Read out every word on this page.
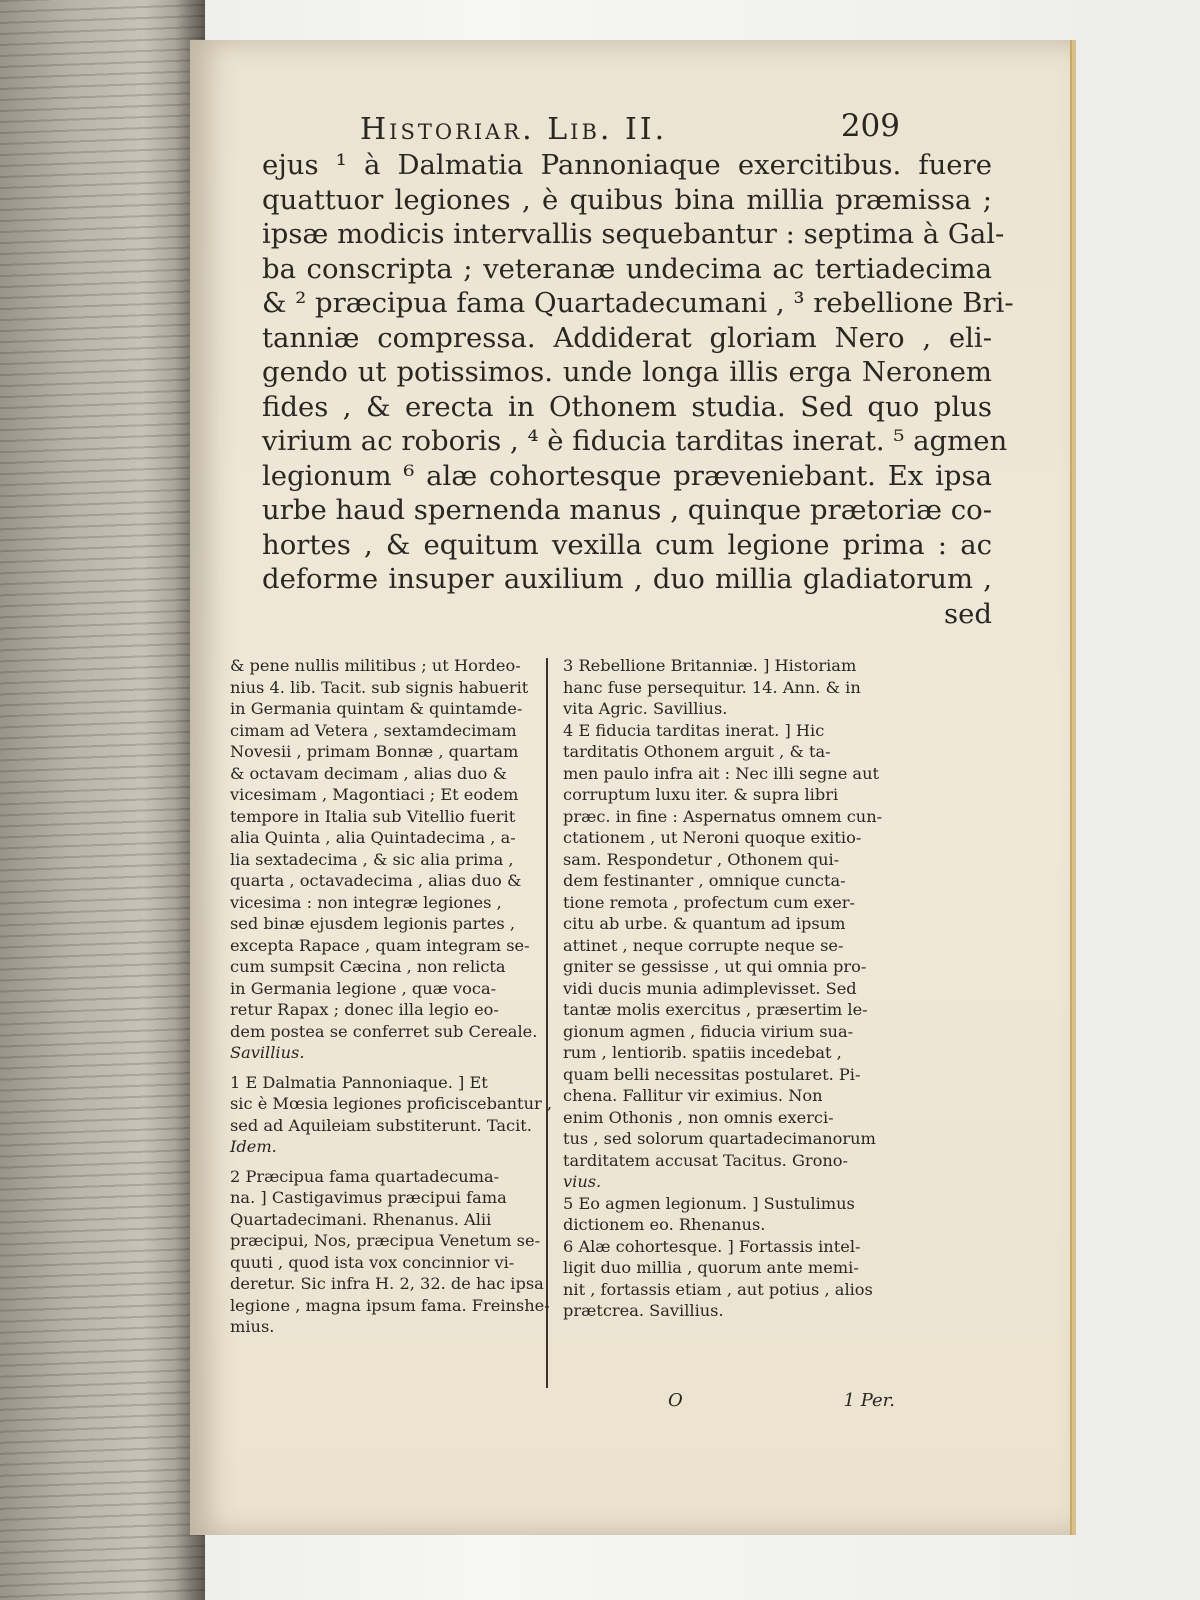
Historiar. Lib. II.	209
ejus ¹ à Dalmatia Pannoniaque exercitibus. fuere
quattuor legiones , è quibus bina millia præmissa ;
ipsæ modicis intervallis sequebantur : septima à Gal-
ba conscripta ; veteranæ undecima ac tertiadecima
& ² præcipua fama Quartadecumani , ³ rebellione Bri-
tanniæ compressa. Addiderat gloriam Nero , eli-
gendo ut potissimos. unde longa illis erga Neronem
fides , & erecta in Othonem studia. Sed quo plus
virium ac roboris , ⁴ è fiducia tarditas inerat. ⁵ agmen
legionum ⁶ alæ cohortesque præveniebant. Ex ipsa
urbe haud spernenda manus , quinque prætoriæ co-
hortes , & equitum vexilla cum legione prima : ac
deforme insuper auxilium , duo millia gladiatorum ,
sed
& pene nullis militibus ; ut Hordeo-
nius 4. lib. Tacit. sub signis habuerit
in Germania quintam & quintamde-
cimam ad Vetera , sextamdecimam
Novesii , primam Bonnæ , quartam
& octavam decimam , alias duo &
vicesimam , Magontiaci ; Et eodem
tempore in Italia sub Vitellio fuerit
alia Quinta , alia Quintadecima , a-
lia sextadecima , & sic alia prima ,
quarta , octavadecima , alias duo &
vicesima : non integræ legiones ,
sed binæ ejusdem legionis partes ,
excepta Rapace , quam integram se-
cum sumpsit Cæcina , non relicta
in Germania legione , quæ voca-
retur Rapax ; donec illa legio eo-
dem postea se conferret sub Cereale.
Savillius.
1 E Dalmatia Pannoniaque. ] Et
sic è Mœsia legiones proficiscebantur ,
sed ad Aquileiam substiterunt. Tacit.
Idem.
2 Præcipua fama quartadecuma-
na. ] Castigavimus præcipui fama
Quartadecimani. Rhenanus. Alii
præcipui, Nos, præcipua Venetum se-
quuti , quod ista vox concinnior vi-
deretur. Sic infra H. 2, 32. de hac ipsa
legione , magna ipsum fama. Freinshe-
mius.
3 Rebellione Britanniæ. ] Historiam
hanc fuse persequitur. 14. Ann. & in
vita Agric. Savillius.
4 E fiducia tarditas inerat. ] Hic
tarditatis Othonem arguit , & ta-
men paulo infra ait : Nec illi segne aut
corruptum luxu iter. & supra libri
præc. in fine : Aspernatus omnem cun-
ctationem , ut Neroni quoque exitio-
sam. Respondetur , Othonem qui-
dem festinanter , omnique cuncta-
tione remota , profectum cum exer-
citu ab urbe. & quantum ad ipsum
attinet , neque corrupte neque se-
gniter se gessisse , ut qui omnia pro-
vidi ducis munia adimplevisset. Sed
tantæ molis exercitus , præsertim le-
gionum agmen , fiducia virium sua-
rum , lentiorib. spatiis incedebat ,
quam belli necessitas postularet. Pi-
chena. Fallitur vir eximius. Non
enim Othonis , non omnis exerci-
tus , sed solorum quartadecimanorum
tarditatem accusat Tacitus. Grono-
vius.
5 Eo agmen legionum. ] Sustulimus
dictionem eo. Rhenanus.
6 Alæ cohortesque. ] Fortassis intel-
ligit duo millia , quorum ante memi-
nit , fortassis etiam , aut potius , alios
prætcrea. Savillius.
O	1 Per.
